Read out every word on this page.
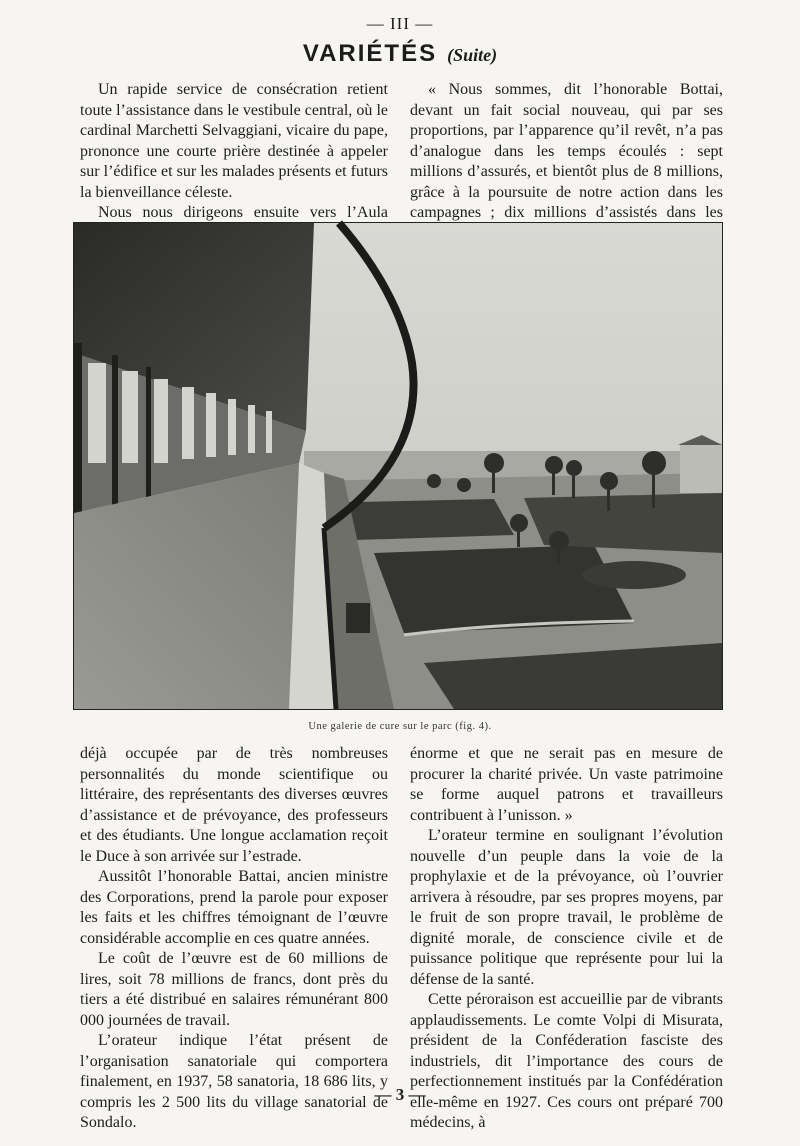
— III —
VARIÉTÉS (Suite)

Un rapide service de consécration retient toute l’assistance dans le vestibule central, où le cardinal Marchetti Selvaggiani, vicaire du pape, prononce une courte prière destinée à appeler sur l’édifice et sur les malades présents et futurs la bienveillance céleste.

Nous nous dirigeons ensuite vers l’Aula

« Nous sommes, dit l’honorable Bottai, devant un fait social nouveau, qui par ses proportions, par l’apparence qu’il revêt, n’a pas d’analogue dans les temps écoulés : sept millions d’assurés, et bientôt plus de 8 millions, grâce à la poursuite de notre action dans les campagnes ; dix millions d’assistés dans les

Une galerie de cure sur le parc (fig. 4).

déjà occupée par de très nombreuses personnalités du monde scientifique ou littéraire, des représentants des diverses œuvres d’assistance et de prévoyance, des professeurs et des étudiants. Une longue acclamation reçoit le Duce à son arrivée sur l’estrade.

Aussitôt l’honorable Battai, ancien ministre des Corporations, prend la parole pour exposer les faits et les chiffres témoignant de l’œuvre considérable accomplie en ces quatre années.

Le coût de l’œuvre est de 60 millions de lires, soit 78 millions de francs, dont près du tiers a été distribué en salaires rémunérant 800 000 journées de travail.

L’orateur indique l’état présent de l’organisation sanatoriale qui comportera finalement, en 1937, 58 sanatoria, 18 686 lits, y compris les 2 500 lits du village sanatorial de Sondalo.

énorme et que ne serait pas en mesure de procurer la charité privée. Un vaste patrimoine se forme auquel patrons et travailleurs contribuent à l’unisson. »

L’orateur termine en soulignant l’évolution nouvelle d’un peuple dans la voie de la prophylaxie et de la prévoyance, où l’ouvrier arrivera à résoudre, par ses propres moyens, par le fruit de son propre travail, le problème de dignité morale, de conscience civile et de puissance politique que représente pour lui la défense de la santé.

Cette péroraison est accueillie par de vibrants applaudissements. Le comte Volpi di Misurata, président de la Conféderation fasciste des industriels, dit l’importance des cours de perfectionnement institués par la Confédération elle-même en 1927. Ces cours ont préparé 700 médecins, à

— 3 —
